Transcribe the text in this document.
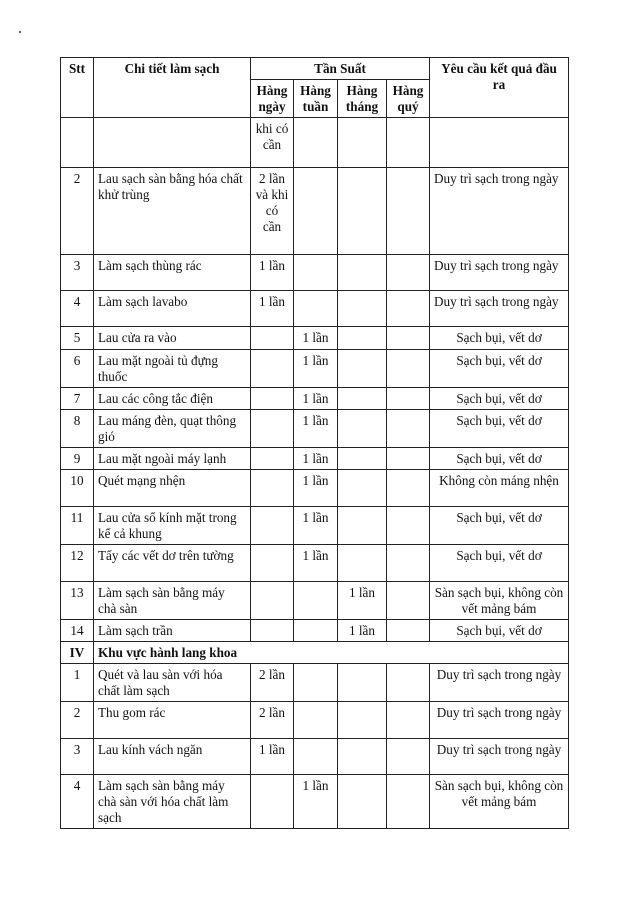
Stt	Chi tiết làm sạch	Tần Suất				Yêu cầu kết quả đầu ra
		Hàng ngày	Hàng tuần	Hàng tháng	Hàng quý	
		khi có cần				
2	Lau sạch sàn bằng hóa chất khử trùng	2 lần và khi có cần				Duy trì sạch trong ngày
3	Làm sạch thùng rác	1 lần				Duy trì sạch trong ngày
4	Làm sạch lavabo	1 lần				Duy trì sạch trong ngày
5	Lau cửa ra vào		1 lần			Sạch bụi, vết dơ
6	Lau mặt ngoài tủ đựng thuốc		1 lần			Sạch bụi, vết dơ
7	Lau các công tắc điện		1 lần			Sạch bụi, vết dơ
8	Lau máng đèn, quạt thông gió		1 lần			Sạch bụi, vết dơ
9	Lau mặt ngoài máy lạnh		1 lần			Sạch bụi, vết dơ
10	Quét mạng nhện		1 lần			Không còn máng nhện
11	Lau cửa sổ kính mặt trong kể cả khung		1 lần			Sạch bụi, vết dơ
12	Tẩy các vết dơ trên tường		1 lần			Sạch bụi, vết dơ
13	Làm sạch sàn bằng máy chà sàn			1 lần		Sàn sạch bụi, không còn vết mảng bám
14	Làm sạch trần			1 lần		Sạch bụi, vết dơ
IV	Khu vực hành lang khoa					
1	Quét và lau sàn với hóa chất làm sạch	2 lần				Duy trì sạch trong ngày
2	Thu gom rác	2 lần				Duy trì sạch trong ngày
3	Lau kính vách ngăn	1 lần				Duy trì sạch trong ngày
4	Làm sạch sàn bằng máy chà sàn với hóa chất làm sạch		1 lần			Sàn sạch bụi, không còn vết mảng bám
